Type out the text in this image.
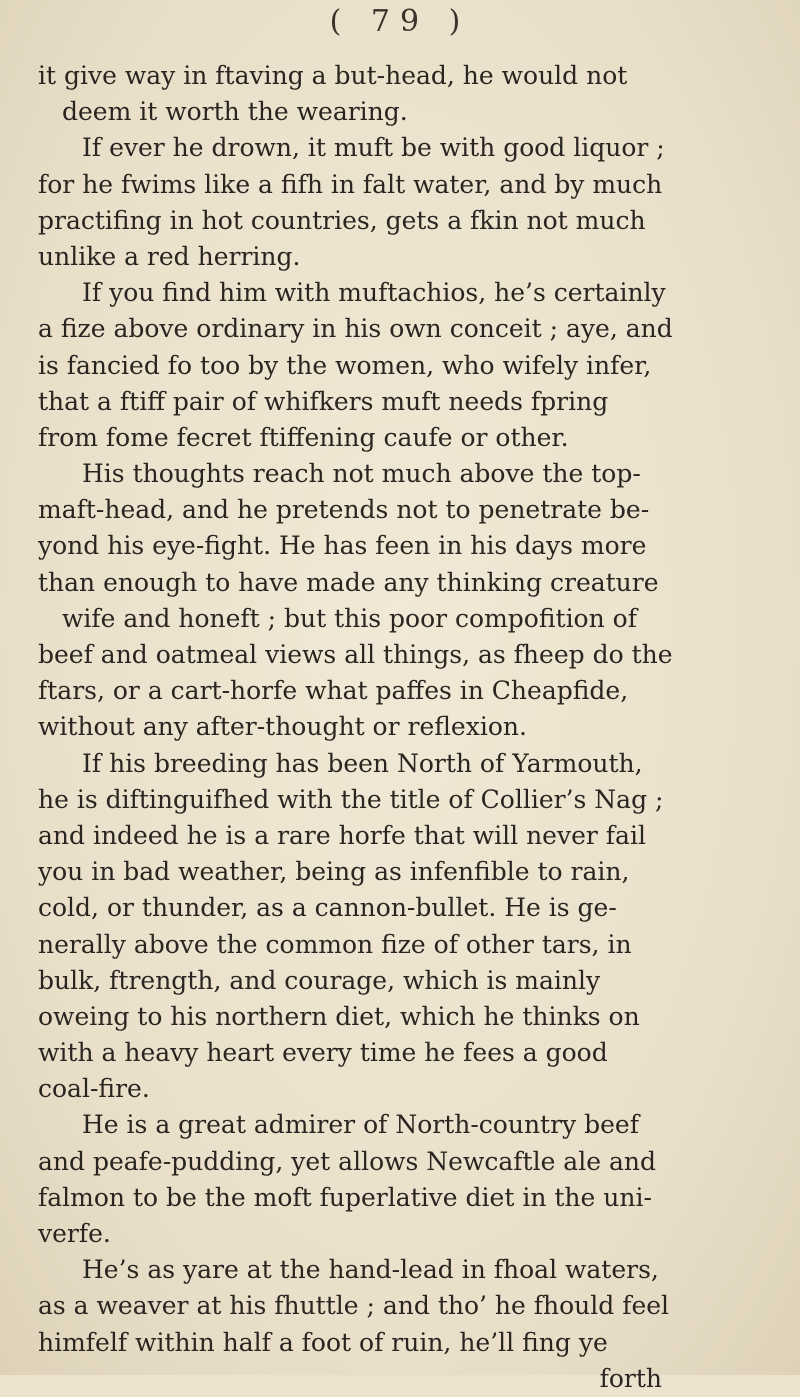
( 79 )
it give way in ftaving a but-head, he would not
deem it worth the wearing.
If ever he drown, it muft be with good liquor ;
for he fwims like a fifh in falt water, and by much
practifing in hot countries, gets a fkin not much
unlike a red herring.
If you find him with muftachios, he’s certainly
a fize above ordinary in his own conceit ; aye, and
is fancied fo too by the women, who wifely infer,
that a ftiff pair of whifkers muft needs fpring
from fome fecret ftiffening caufe or other.
His thoughts reach not much above the top-
maft-head, and he pretends not to penetrate be-
yond his eye-fight. He has feen in his days more
than enough to have made any thinking creature
wife and honeft ; but this poor compofition of
beef and oatmeal views all things, as fheep do the
ftars, or a cart-horfe what paffes in Cheapfide,
without any after-thought or reflexion.
If his breeding has been North of Yarmouth,
he is diftinguifhed with the title of Collier’s Nag ;
and indeed he is a rare horfe that will never fail
you in bad weather, being as infenfible to rain,
cold, or thunder, as a cannon-bullet. He is ge-
nerally above the common fize of other tars, in
bulk, ftrength, and courage, which is mainly
oweing to his northern diet, which he thinks on
with a heavy heart every time he fees a good
coal-fire.
He is a great admirer of North-country beef
and peafe-pudding, yet allows Newcaftle ale and
falmon to be the moft fuperlative diet in the uni-
verfe.
He’s as yare at the hand-lead in fhoal waters,
as a weaver at his fhuttle ; and tho’ he fhould feel
himfelf within half a foot of ruin, he’ll fing ye
forth
